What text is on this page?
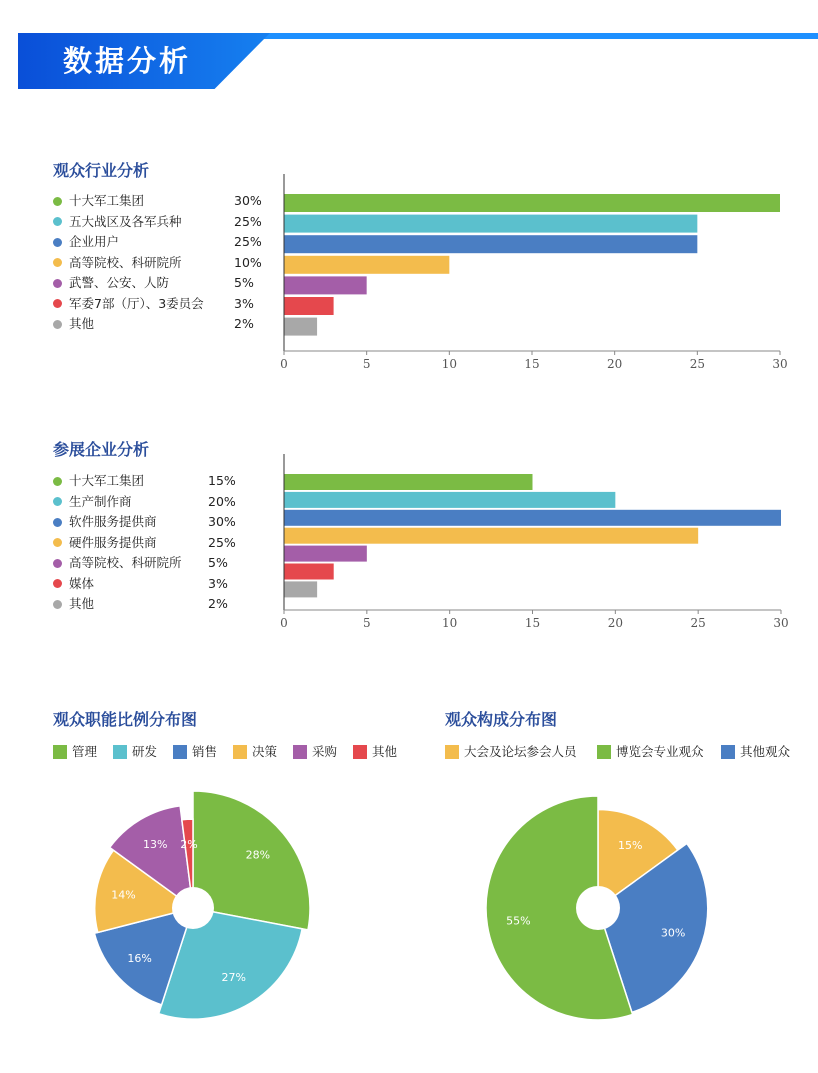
数据分析
观众行业分析
十大军工集团	30%
五大战区及各军兵种	25%
企业用户	25%
高等院校、科研院所	10%
武警、公安、人防	5%
军委7部（厅）、3委员会 3%
其他	2%
0	5	10	15	20	25	30
参展企业分析
十大军工集团	15%
生产制作商	20%
软件服务提供商	30%
硬件服务提供商	25%
高等院校、科研院所 5%
媒体	3%
其他	2%
0	5	10	15	20	25	30
观众职能比例分布图
管理	研发	销售	决策	采购	其他
28%
27%
16%
14%
13% 2%
观众构成分布图
大会及论坛参会人员	博览会专业观众	其他观众
15%
30%
55%
